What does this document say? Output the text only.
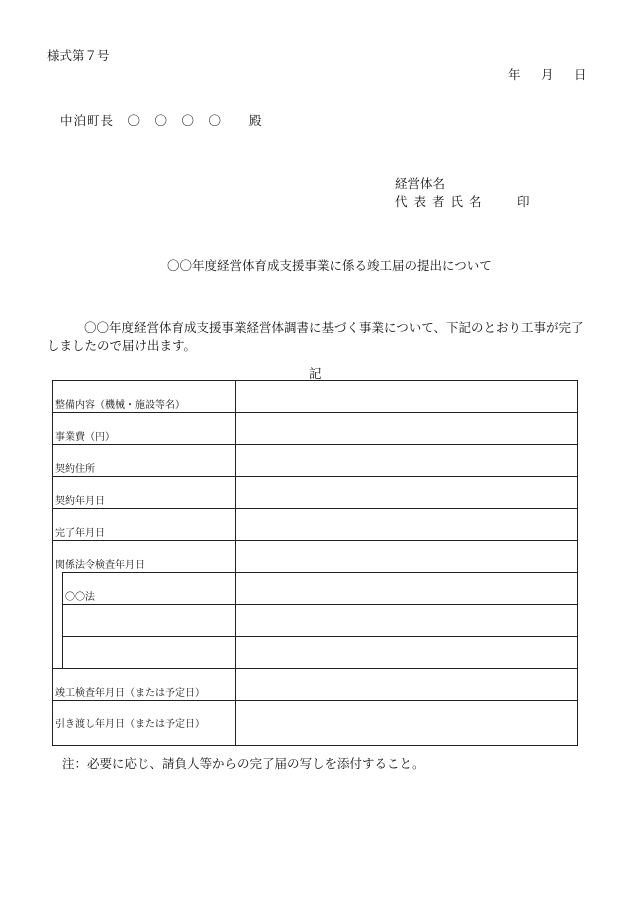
様式第７号
年　月　日
中泊町長　〇　〇　〇　〇　　殿
経営体名
代表者氏名 印
〇〇年度経営体育成支援事業に係る竣工届の提出について
〇〇年度経営体育成支援事業経営体調書に基づく事業について、下記のとおり工事が完了
しましたので届け出ます。
記
整備内容（機械・施設等名）		

事業費（円）		

契約住所		

契約年月日		

完了年月日		

関係法令検査年月日		

	〇〇法	

竣工検査年月日（または予定日）		

引き渡し年月日（または予定日）		

注：必要に応じ、請負人等からの完了届の写しを添付すること。
